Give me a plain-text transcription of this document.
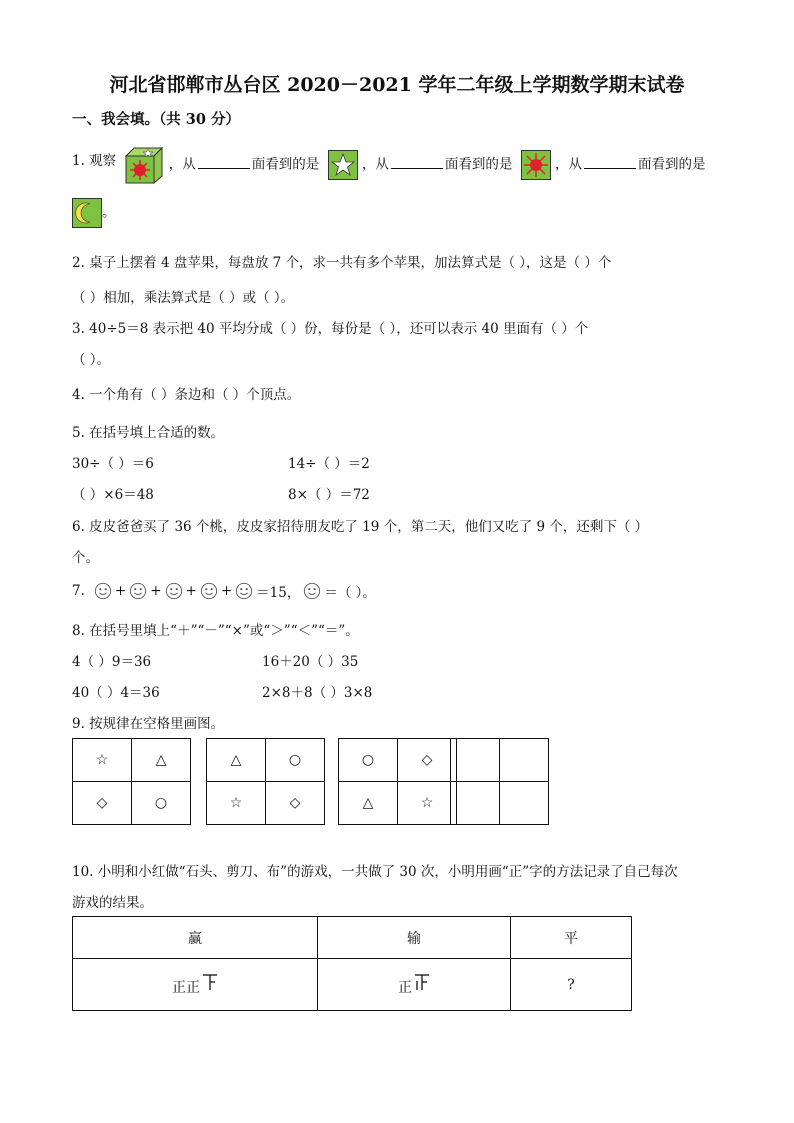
河北省邯郸市丛台区 2020－2021 学年二年级上学期数学期末试卷
一、我会填。（共 30 分）
1. 观察	，从	面看到的是	，从	面看到的是	，从	面看到的是
。
2. 桌子上摆着 4 盘苹果，每盘放 7 个，求一共有多个苹果，加法算式是（ ），这是（ ）个
（ ）相加，乘法算式是（ ）或（ ）。
3. 40÷5＝8 表示把 40 平均分成（ ）份，每份是（ ），还可以表示 40 里面有（ ）个
（ ）。
4. 一个角有（ ）条边和（ ）个顶点。
5. 在括号填上合适的数。
30÷（ ）＝6	14÷（ ）＝2
（ ）×6＝48	8×（ ）＝72
6. 皮皮爸爸买了 36 个桃，皮皮家招待朋友吃了 19 个，第二天，他们又吃了 9 个，还剩下（ ）
个。
7. + + + + ＝15， ＝（ ）。
8. 在括号里填上“＋”“－”“×”或“＞”“＜”“＝”。
4（ ）9＝36	16＋20（ ）35
40（ ）4＝36	2×8＋8（ ）3×8
9. 按规律在空格里画图。
☆	△
◇	○
△	○
☆	◇
○	◇
△	☆

10. 小明和小红做“石头、剪刀、布”的游戏，一共做了 30 次，小明用画“正”字的方法记录了自己每次
游戏的结果。
赢	输	平

正正	正	?
